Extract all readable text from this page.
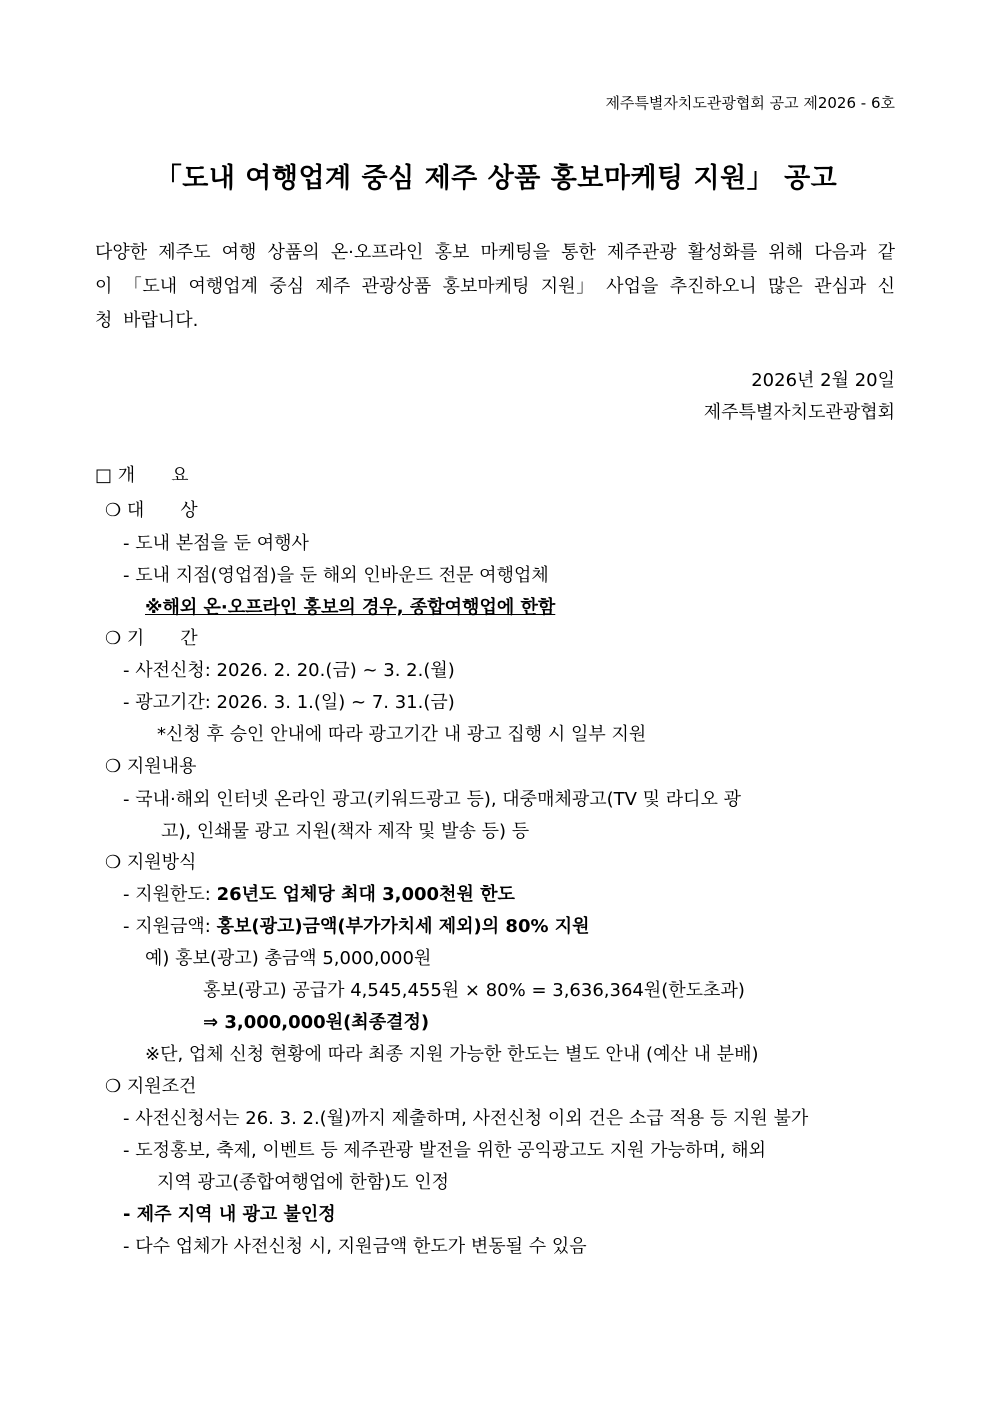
제주특별자치도관광협회 공고 제2026 - 6호
「도내 여행업계 중심 제주 상품 홍보마케팅 지원」 공고
다양한 제주도 여행 상품의 온·오프라인 홍보 마케팅을 통한 제주관광 활성화를 위해 다음과 같이 「도내 여행업계 중심 제주 관광상품 홍보마케팅 지원」 사업을 추진하오니 많은 관심과 신청 바랍니다.
2026년 2월 20일
제주특별자치도관광협회
□ 개　　요
❍ 대　　상
- 도내 본점을 둔 여행사
- 도내 지점(영업점)을 둔 해외 인바운드 전문 여행업체
※해외 온·오프라인 홍보의 경우, 종합여행업에 한함
❍ 기　　간
- 사전신청: 2026. 2. 20.(금) ~ 3. 2.(월)
- 광고기간: 2026. 3. 1.(일) ~ 7. 31.(금)
*신청 후 승인 안내에 따라 광고기간 내 광고 집행 시 일부 지원
❍ 지원내용
- 국내·해외 인터넷 온라인 광고(키워드광고 등), 대중매체광고(TV 및 라디오 광
고), 인쇄물 광고 지원(책자 제작 및 발송 등) 등
❍ 지원방식
- 지원한도: 26년도 업체당 최대 3,000천원 한도
- 지원금액: 홍보(광고)금액(부가가치세 제외)의 80% 지원
예) 홍보(광고) 총금액 5,000,000원
홍보(광고) 공급가 4,545,455원 × 80% = 3,636,364원(한도초과)
⇒ 3,000,000원(최종결정)
※단, 업체 신청 현황에 따라 최종 지원 가능한 한도는 별도 안내 (예산 내 분배)
❍ 지원조건
- 사전신청서는 26. 3. 2.(월)까지 제출하며, 사전신청 이외 건은 소급 적용 등 지원 불가
- 도정홍보, 축제, 이벤트 등 제주관광 발전을 위한 공익광고도 지원 가능하며, 해외
지역 광고(종합여행업에 한함)도 인정
- 제주 지역 내 광고 불인정
- 다수 업체가 사전신청 시, 지원금액 한도가 변동될 수 있음
